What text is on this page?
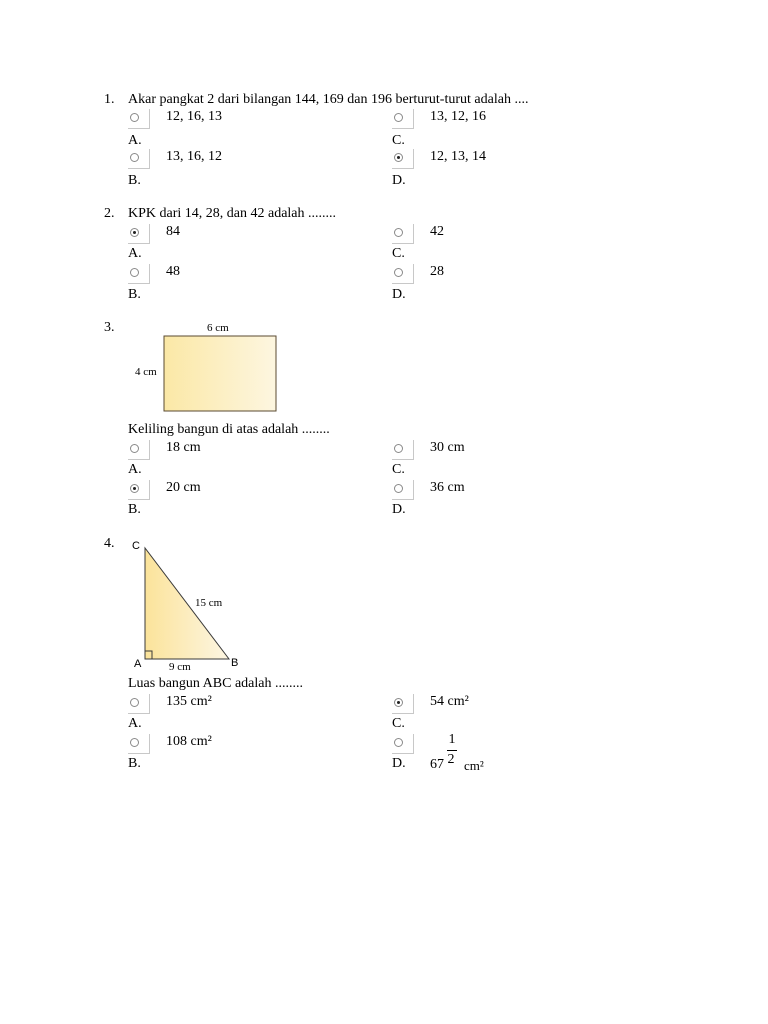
1. Akar pangkat 2 dari bilangan 144, 169 dan 196 berturut-turut adalah ....
12, 16, 13
A.
13, 16, 12
B.
13, 12, 16
C.
12, 13, 14
D.
2. KPK dari 14, 28, dan 42 adalah ........
84
A.
48
B.
42
C.
28
D.
3.	6 cm
4 cm
Keliling bangun di atas adalah ........
18 cm
A.
20 cm
B.
30 cm
C.
36 cm
D.
4. C
15 cm
A	9 cm	B
Luas bangun ABC adalah ........
135 cm²
A.
108 cm²
B.
54 cm²
C.
D. 67
1
2 cm²
